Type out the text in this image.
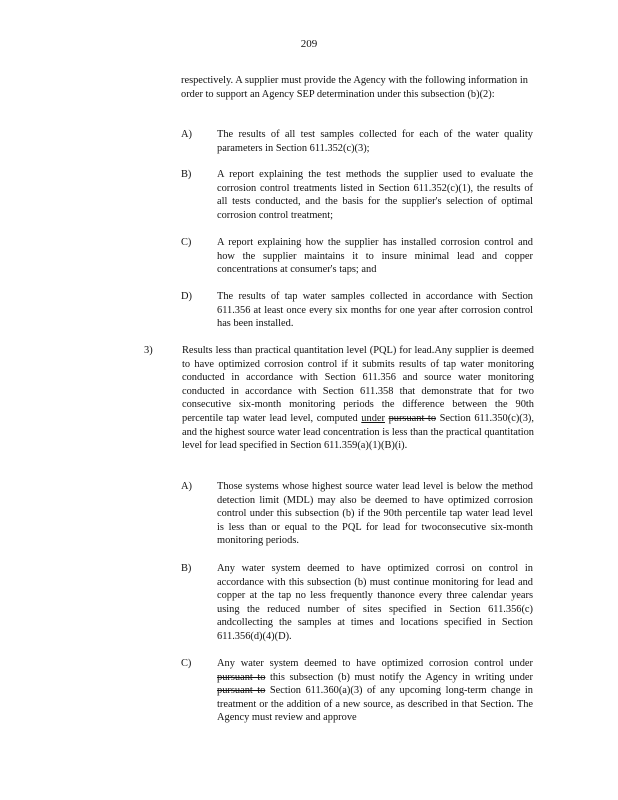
209
respectively. A supplier must provide the Agency with the following information in order to support an Agency SEP determination under this subsection (b)(2):
A) The results of all test samples collected for each of the water quality parameters in Section 611.352(c)(3);
B) A report explaining the test methods the supplier used to evaluate the corrosion control treatments listed in Section 611.352(c)(1), the results of all tests conducted, and the basis for the supplier's selection of optimal corrosion control treatment;
C) A report explaining how the supplier has installed corrosion control and how the supplier maintains it to insure minimal lead and copper concentrations at consumer's taps; and
D) The results of tap water samples collected in accordance with Section 611.356 at least once every six months for one year after corrosion control has been installed.
3)	Results less than practical quantitation level (PQL) for lead.Any supplier is deemed to have optimized corrosion control if it submits results of tap water monitoring conducted in accordance with Section 611.356 and source water monitoring conducted in accordance with Section 611.358 that demonstrate that for two consecutive six-month monitoring periods the difference between the 90th percentile tap water lead level, computed under pursuant to Section 611.350(c)(3), and the highest source water lead concentration is less than the practical quantitation level for lead specified in Section 611.359(a)(1)(B)(i).
A) Those systems whose highest source water lead level is below the method detection limit (MDL) may also be deemed to have optimized corrosion control under this subsection (b) if the 90th percentile tap water lead level is less than or equal to the PQL for lead for twoconsecutive six-month monitoring periods.
B) Any water system deemed to have optimized corrosi on control in accordance with this subsection (b) must continue monitoring for lead and copper at the tap no less frequently thanonce every three calendar years using the reduced number of sites specified in Section 611.356(c) andcollecting the samples at times and locations specified in Section 611.356(d)(4)(D).
C) Any water system deemed to have optimized corrosion control under pursuant to this subsection (b) must notify the Agency in writing under pursuant to Section 611.360(a)(3) of any upcoming long-term change in treatment or the addition of a new source, as described in that Section. The Agency must review and approve
